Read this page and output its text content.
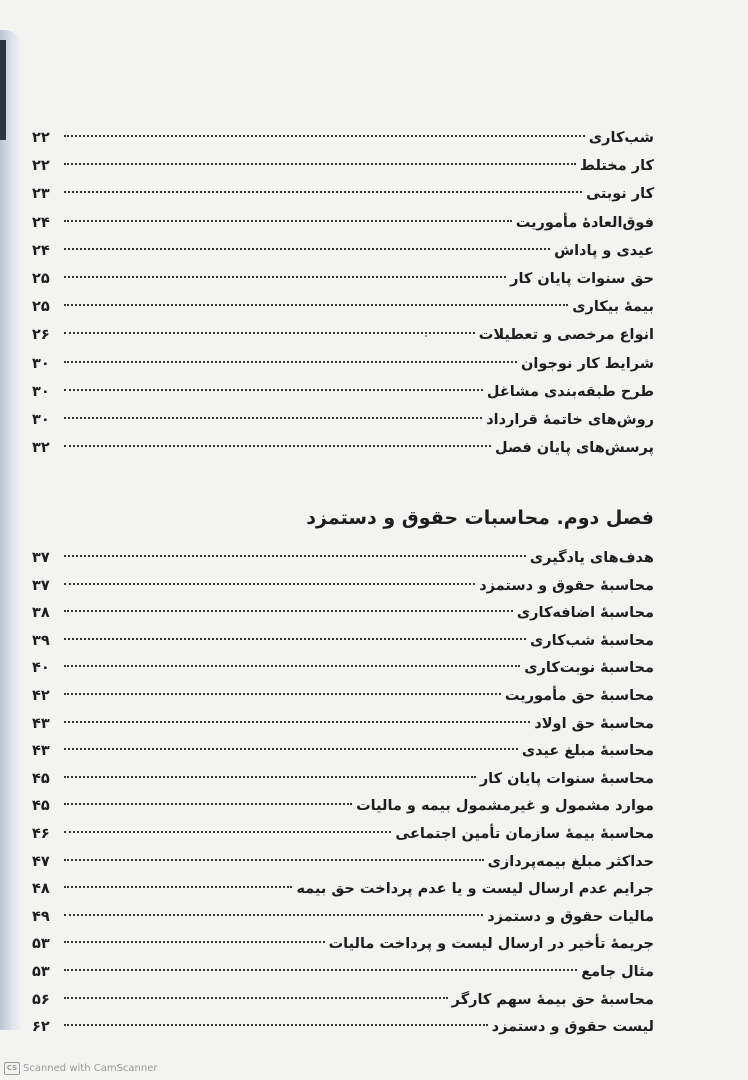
شب‌کاری
۲۲
کار مختلط
۲۲
کار نوبتی
۲۳
فوق‌العادهٔ مأموریت
۲۴
عیدی و پاداش
۲۴
حق سنوات پایان کار
۲۵
بیمهٔ بیکاری
۲۵
انواع مرخصی و تعطیلات
۲۶
شرایط کار نوجوان
۳۰
طرح طبقه‌بندی مشاغل
۳۰
روش‌های خاتمهٔ قرارداد
۳۰
پرسش‌های پایان فصل
۳۲
فصل دوم. محاسبات حقوق و دستمزد
هدف‌های یادگیری
۳۷
محاسبهٔ حقوق و دستمزد
۳۷
محاسبهٔ اضافه‌کاری
۳۸
محاسبهٔ شب‌کاری
۳۹
محاسبهٔ نوبت‌کاری
۴۰
محاسبهٔ حق مأموریت
۴۲
محاسبهٔ حق اولاد
۴۳
محاسبهٔ مبلغ عیدی
۴۳
محاسبهٔ سنوات پایان کار
۴۵
موارد مشمول و غیرمشمول بیمه و مالیات
۴۵
محاسبهٔ بیمهٔ سازمان تأمین اجتماعی
۴۶
حداکثر مبلغ بیمه‌پردازی
۴۷
جرایم عدم ارسال لیست و یا عدم پرداخت حق بیمه
۴۸
مالیات حقوق و دستمزد
۴۹
جریمهٔ تأخیر در ارسال لیست و پرداخت مالیات
۵۳
مثال جامع
۵۳
محاسبهٔ حق بیمهٔ سهم کارگر
۵۶
لیست حقوق و دستمزد
۶۲
CS Scanned with CamScanner
